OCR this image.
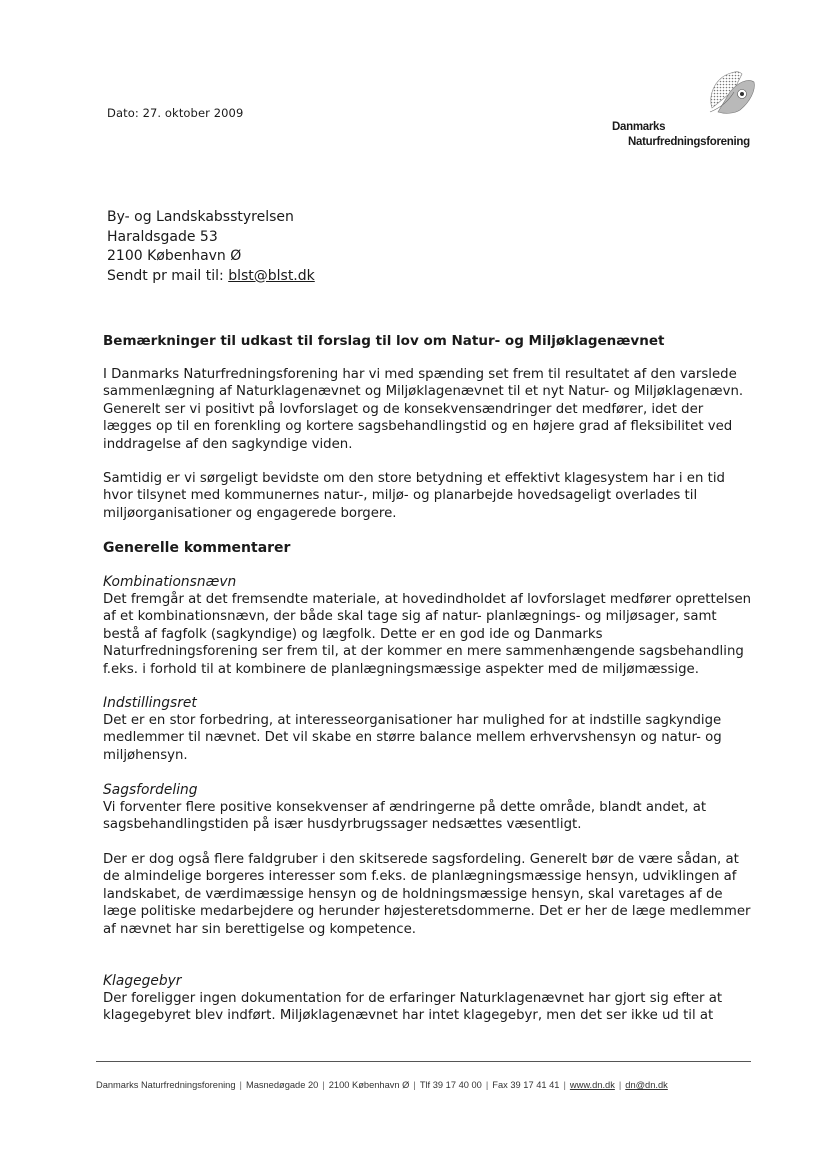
Dato: 27. oktober 2009
Danmarks
Naturfredningsforening
By- og Landskabsstyrelsen
Haraldsgade 53
2100 København Ø
Sendt pr mail til: blst@blst.dk
Bemærkninger til udkast til forslag til lov om Natur- og Miljøklagenævnet

I Danmarks Naturfredningsforening har vi med spænding set frem til resultatet af den varslede sammenlægning af Naturklagenævnet og Miljøklagenævnet til et nyt Natur- og Miljøklagenævn. Generelt ser vi positivt på lovforslaget og de konsekvensændringer det medfører, idet der lægges op til en forenkling og kortere sagsbehandlingstid og en højere grad af fleksibilitet ved inddragelse af den sagkyndige viden.

Samtidig er vi sørgeligt bevidste om den store betydning et effektivt klagesystem har i en tid hvor tilsynet med kommunernes natur-, miljø- og planarbejde hovedsageligt overlades til miljøorganisationer og engagerede borgere.

Generelle kommentarer
Kombinationsnævn

Det fremgår at det fremsendte materiale, at hovedindholdet af lovforslaget medfører oprettelsen af et kombinationsnævn, der både skal tage sig af natur- planlægnings- og miljøsager, samt bestå af fagfolk (sagkyndige) og lægfolk. Dette er en god ide og Danmarks Naturfredningsforening ser frem til, at der kommer en mere sammenhængende sagsbehandling f.eks. i forhold til at kombinere de planlægningsmæssige aspekter med de miljømæssige.

Indstillingsret

Det er en stor forbedring, at interesseorganisationer har mulighed for at indstille sagkyndige medlemmer til nævnet. Det vil skabe en større balance mellem erhvervshensyn og natur- og miljøhensyn.

Sagsfordeling

Vi forventer flere positive konsekvenser af ændringerne på dette område, blandt andet, at sagsbehandlingstiden på især husdyrbrugssager nedsættes væsentligt.

Der er dog også flere faldgruber i den skitserede sagsfordeling. Generelt bør de være sådan, at de almindelige borgeres interesser som f.eks. de planlægningsmæssige hensyn, udviklingen af landskabet, de værdimæssige hensyn og de holdningsmæssige hensyn, skal varetages af de læge politiske medarbejdere og herunder højesteretsdommerne. Det er her de læge medlemmer af nævnet har sin berettigelse og kompetence.

Klagegebyr

Der foreligger ingen dokumentation for de erfaringer Naturklagenævnet har gjort sig efter at klagegebyret blev indført. Miljøklagenævnet har intet klagegebyr, men det ser ikke ud til at

Danmarks Naturfredningsforening | Masnedøgade 20 | 2100 København Ø | Tlf 39 17 40 00 | Fax 39 17 41 41 | www.dn.dk | dn@dn.dk
